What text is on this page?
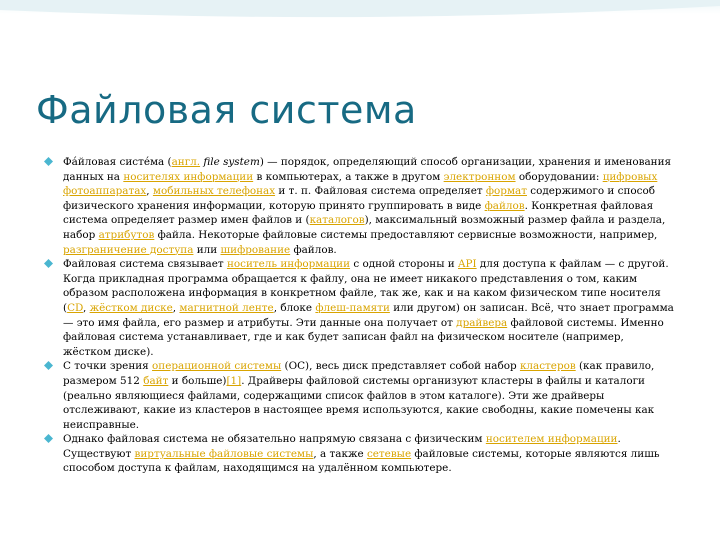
Файловая система
Фа́йловая систе́ма (англ. file system) — порядок, определяющий способ организации, хранения и именования данных на носителях информации в компьютерах, а также в другом электронном оборудовании: цифровых фотоаппаратах, мобильных телефонах и т. п. Файловая система определяет формат содержимого и способ физического хранения информации, которую принято группировать в виде файлов. Конкретная файловая система определяет размер имен файлов и (каталогов), максимальный возможный размер файла и раздела, набор атрибутов файла. Некоторые файловые системы предоставляют сервисные возможности, например, разграничение доступа или шифрование файлов.
Файловая система связывает носитель информации с одной стороны и API для доступа к файлам — с другой. Когда прикладная программа обращается к файлу, она не имеет никакого представления о том, каким образом расположена информация в конкретном файле, так же, как и на каком физическом типе носителя (CD, жёстком диске, магнитной ленте, блоке флеш-памяти или другом) он записан. Всё, что знает программа — это имя файла, его размер и атрибуты. Эти данные она получает от драйвера файловой системы. Именно файловая система устанавливает, где и как будет записан файл на физическом носителе (например, жёстком диске).
С точки зрения операционной системы (ОС), весь диск представляет собой набор кластеров (как правило, размером 512 байт и больше)[1]. Драйверы файловой системы организуют кластеры в файлы и каталоги (реально являющиеся файлами, содержащими список файлов в этом каталоге). Эти же драйверы отслеживают, какие из кластеров в настоящее время используются, какие свободны, какие помечены как неисправные.
Однако файловая система не обязательно напрямую связана с физическим носителем информации. Существуют виртуальные файловые системы, а также сетевые файловые системы, которые являются лишь способом доступа к файлам, находящимся на удалённом компьютере.
